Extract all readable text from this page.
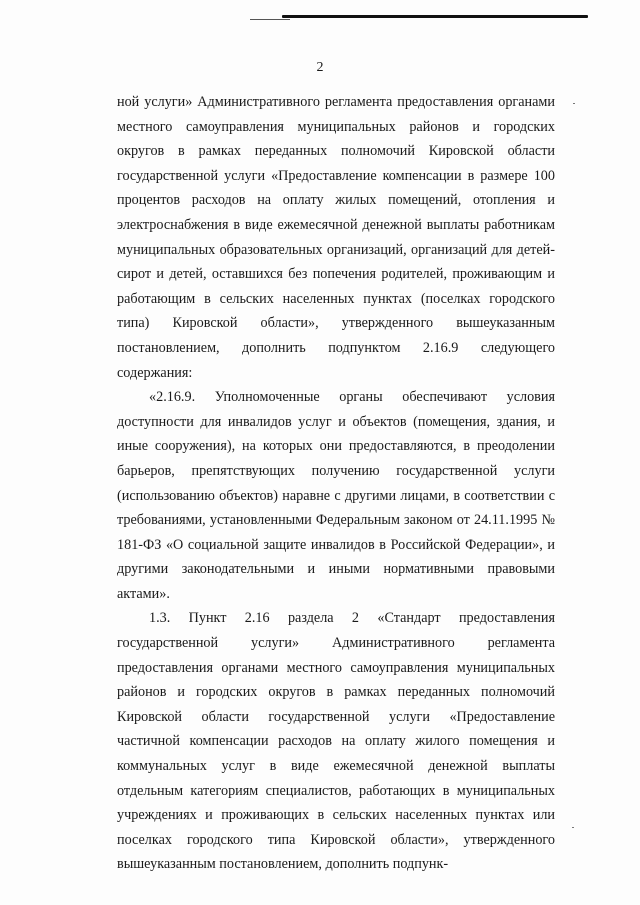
2

ной услуги» Административного регламента предоставления органами местного самоуправления муниципальных районов и городских округов в рамках переданных полномочий Кировской области государственной услуги «Предоставление компенсации в размере 100 процентов расходов на оплату жилых помещений, отопления и электроснабжения в виде ежемесячной денежной выплаты работникам муниципальных образовательных организаций, организаций для детей-сирот и детей, оставшихся без попечения родителей, проживающим и работающим в сельских населенных пунктах (поселках городского типа) Кировской области», утвержденного вышеуказанным постановлением, дополнить подпунктом 2.16.9 следующего содержания:

«2.16.9. Уполномоченные органы обеспечивают условия доступности для инвалидов услуг и объектов (помещения, здания, и иные сооружения), на которых они предоставляются, в преодолении барьеров, препятствующих получению государственной услуги (использованию объектов) наравне с другими лицами, в соответствии с требованиями, установленными Федеральным законом от 24.11.1995 № 181-ФЗ «О социальной защите инвалидов в Российской Федерации», и другими законодательными и иными нормативными правовыми актами».

1.3. Пункт 2.16 раздела 2 «Стандарт предоставления государственной услуги» Административного регламента предоставления органами местного самоуправления муниципальных районов и городских округов в рамках переданных полномочий Кировской области государственной услуги «Предоставление частичной компенсации расходов на оплату жилого помещения и коммунальных услуг в виде ежемесячной денежной выплаты отдельным категориям специалистов, работающих в муниципальных учреждениях и проживающих в сельских населенных пунктах или поселках городского типа Кировской области», утвержденного вышеуказанным постановлением, дополнить подпунк-
